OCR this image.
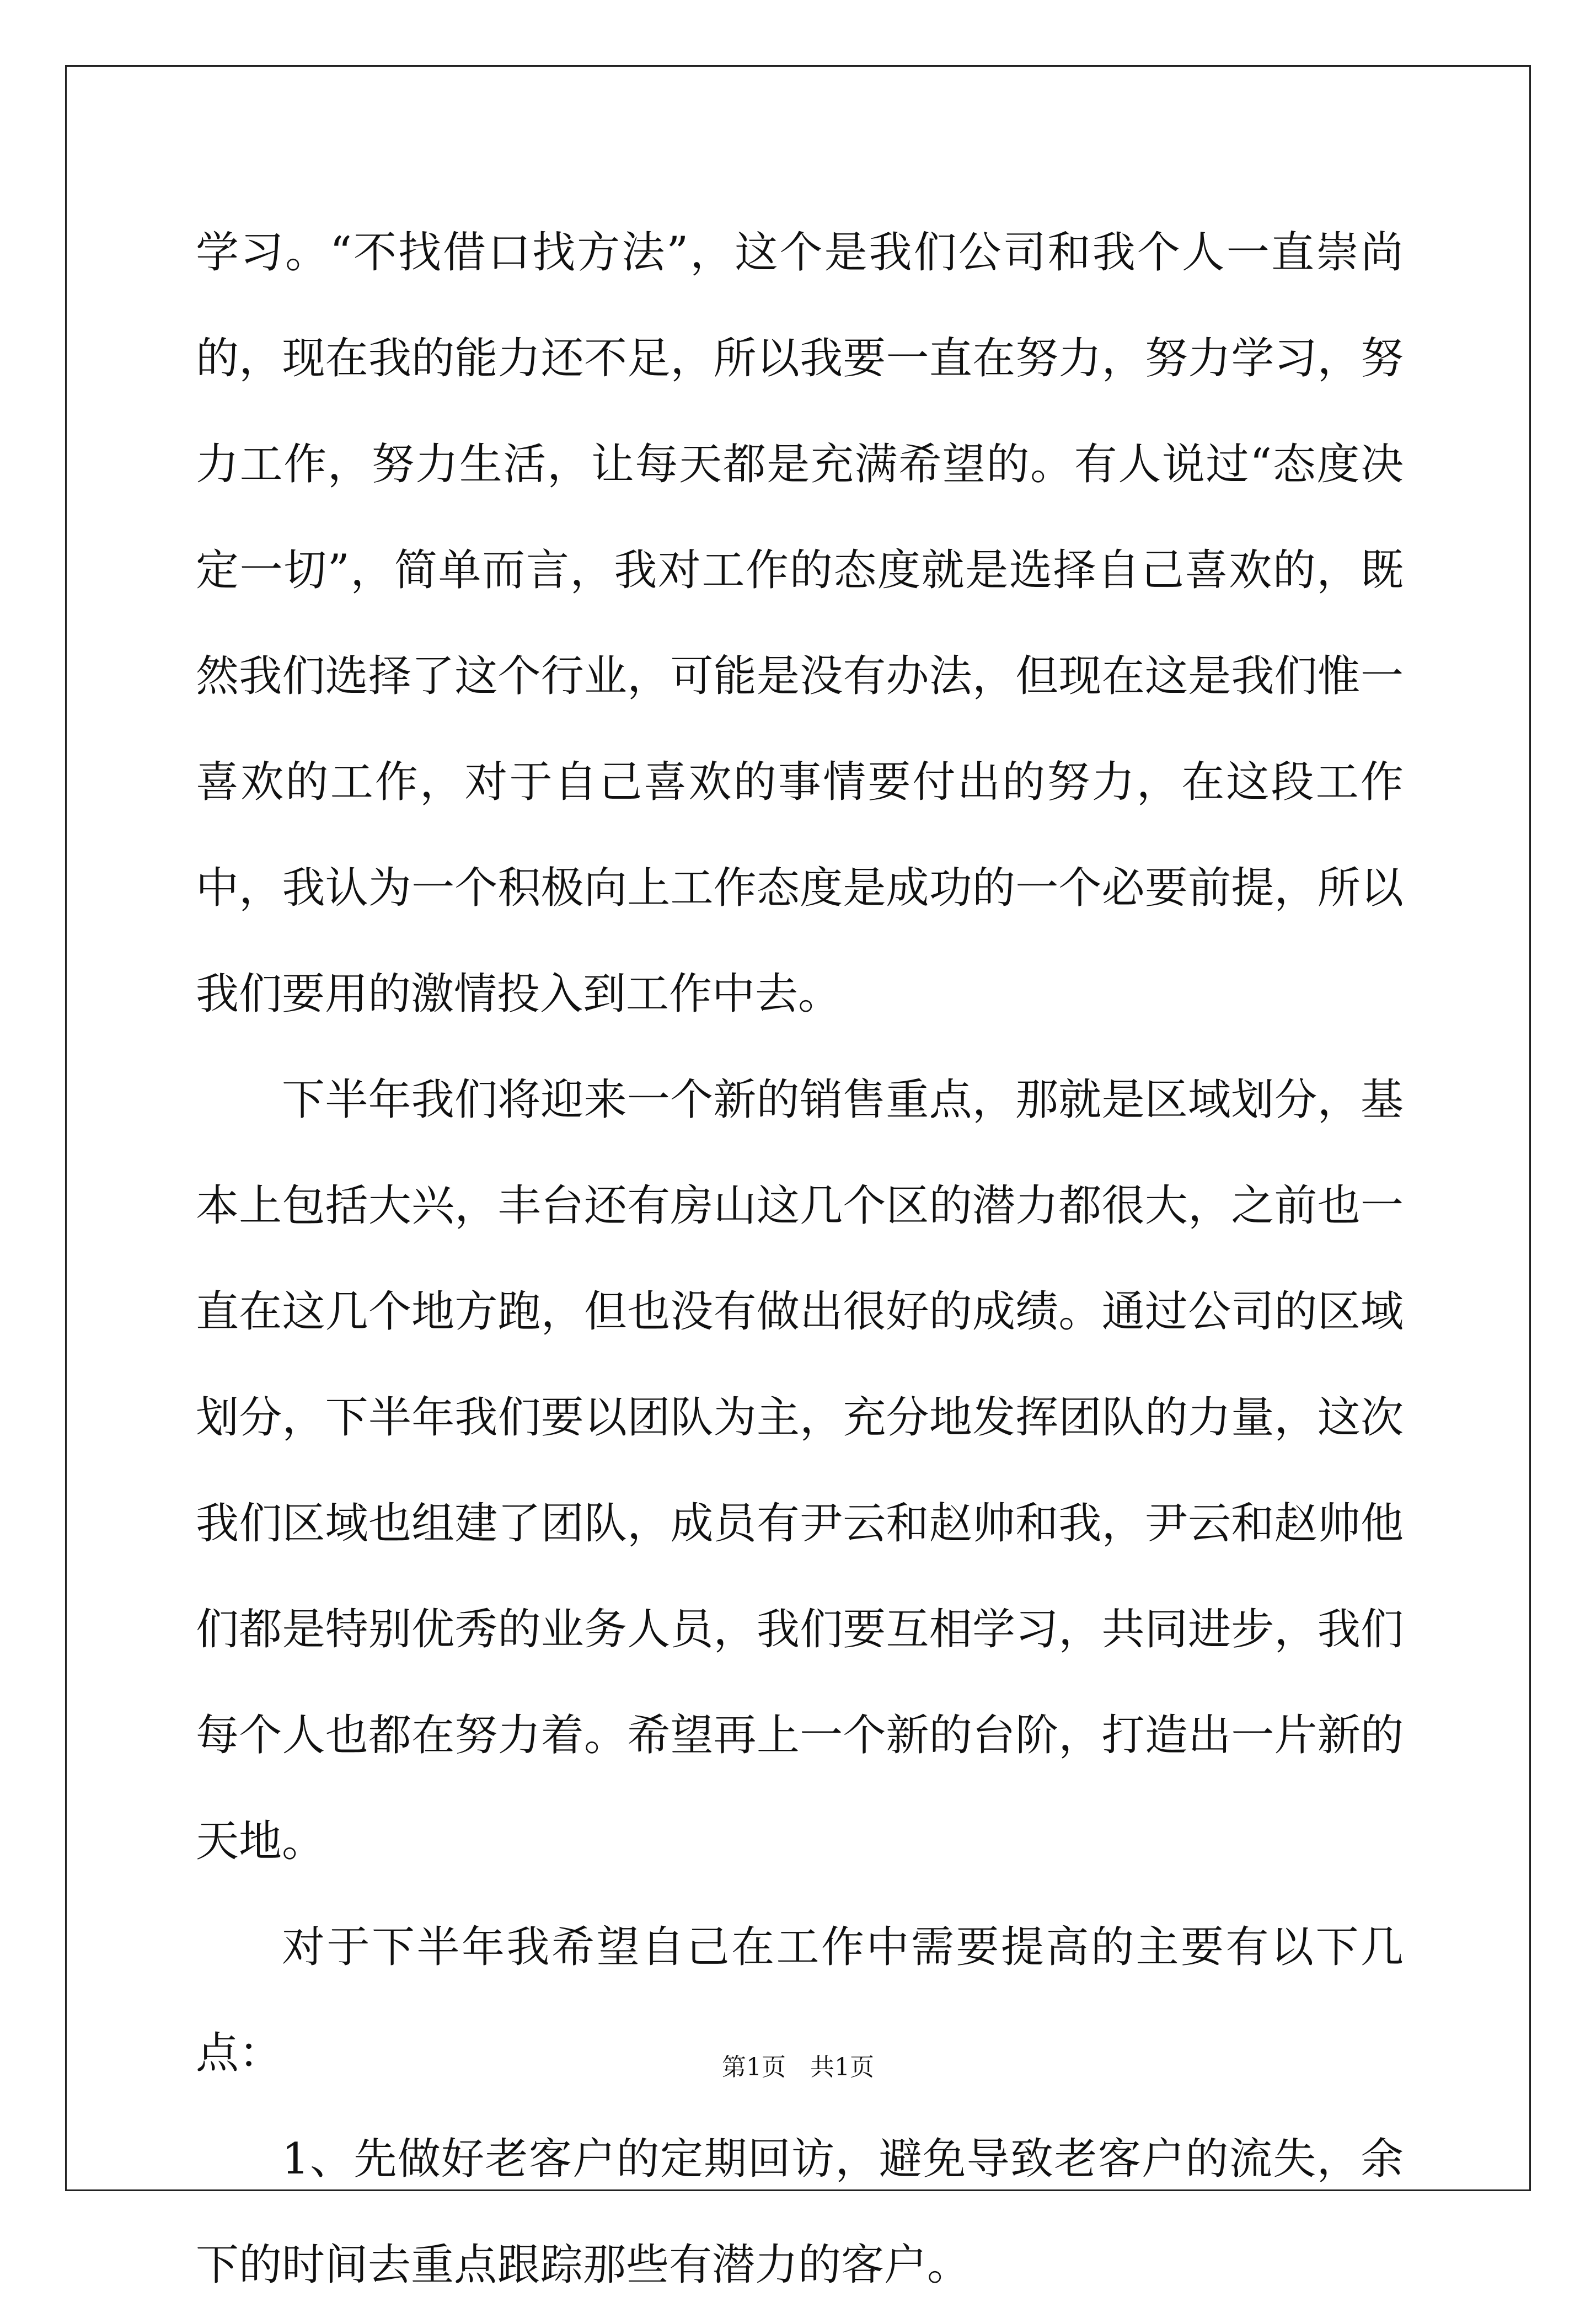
学习。“不找借口找方法”，这个是我们公司和我个人一直崇尚的，现在我的能力还不足，所以我要一直在努力，努力学习，努力工作，努力生活，让每天都是充满希望的。有人说过“态度决定一切”，简单而言，我对工作的态度就是选择自己喜欢的，既然我们选择了这个行业，可能是没有办法，但现在这是我们惟一喜欢的工作，对于自己喜欢的事情要付出的努力，在这段工作中，我认为一个积极向上工作态度是成功的一个必要前提，所以我们要用的激情投入到工作中去。

下半年我们将迎来一个新的销售重点，那就是区域划分，基本上包括大兴，丰台还有房山这几个区的潜力都很大，之前也一直在这几个地方跑，但也没有做出很好的成绩。通过公司的区域划分，下半年我们要以团队为主，充分地发挥团队的力量，这次我们区域也组建了团队，成员有尹云和赵帅和我，尹云和赵帅他们都是特别优秀的业务人员，我们要互相学习，共同进步，我们每个人也都在努力着。希望再上一个新的台阶，打造出一片新的天地。

对于下半年我希望自己在工作中需要提高的主要有以下几点：

1、先做好老客户的定期回访，避免导致老客户的流失，余下的时间去重点跟踪那些有潜力的客户。

第1页 共1页
